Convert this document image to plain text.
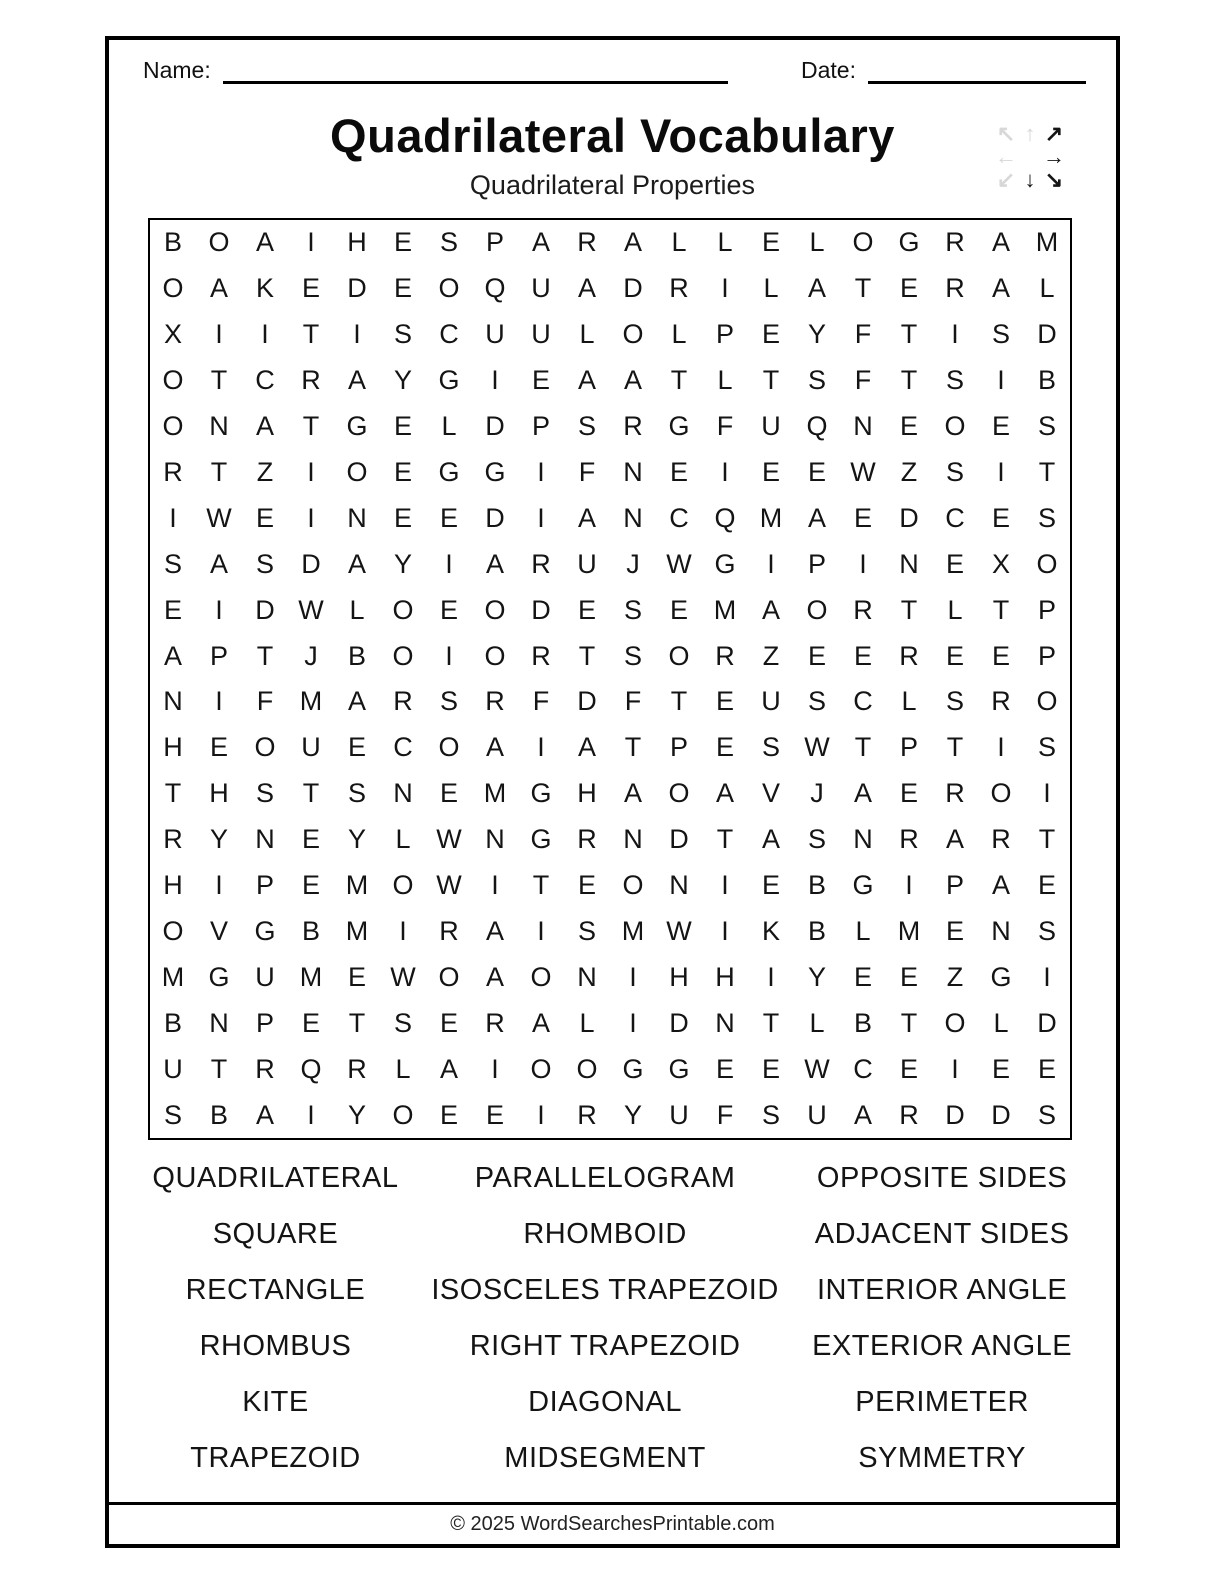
Name:	Date:
Quadrilateral Vocabulary
Quadrilateral Properties
↖ ↑ ↗
← →
↙ ↓ ↘
B O A	I	H	E	S	P	A	R	A	L	L	E	L	O G R	A M
O A	K	E	D	E O Q U	A	D R	I	L	A	T	E	R	A	L
X	I	I	T	I	S	C U U	L	O	L	P	E	Y	F	T	I	S	D
O	T	C R	A	Y G	I	E	A	A	T	L	T	S	F	T	S	I	B
O N	A	T	G E	L	D	P	S	R G	F	U Q N	E O E	S
R	T	Z	I	O E G G	I	F	N	E	I	E	E W Z	S	I	T
I	W E	I	N	E	E	D	I	A	N C Q M A	E	D C	E	S
S	A	S	D	A	Y	I	A	R U	J W G	I	P	I	N	E	X O
E	I	D W L	O E O D	E	S	E M A O R	T	L	T	P
A	P	T	J	B O	I	O R	T	S O R	Z	E	E	R	E	E	P
N	I	F M A	R	S	R	F	D	F	T	E	U	S	C	L	S	R O
H	E O U	E	C O A	I	A	T	P	E	S W T	P	T	I	S
T	H	S	T	S	N	E M G H	A O A	V	J	A	E	R O	I
R	Y	N	E	Y	L W N G R N D	T	A	S	N R	A	R	T
H	I	P	E M O W	I	T	E O N	I	E	B G	I	P	A	E
O V G B M	I	R	A	I	S M W	I	K	B	L	M E	N	S
M G U M E W O A O N	I	H H	I	Y	E	E	Z	G	I
B	N	P	E	T	S	E	R	A	L	I	D N	T	L	B	T	O	L	D
U	T	R Q R	L	A	I	O O G G E	E W C	E	I	E	E
S	B	A	I	Y O E	E	I	R	Y	U	F	S	U	A	R D D	S
QUADRILATERAL	PARALLELOGRAM	OPPOSITE SIDES
SQUARE	RHOMBOID	ADJACENT SIDES
RECTANGLE	ISOSCELES TRAPEZOID	INTERIOR ANGLE
RHOMBUS	RIGHT TRAPEZOID	EXTERIOR ANGLE
KITE	DIAGONAL	PERIMETER
TRAPEZOID	MIDSEGMENT	SYMMETRY
© 2025 WordSearchesPrintable.com
